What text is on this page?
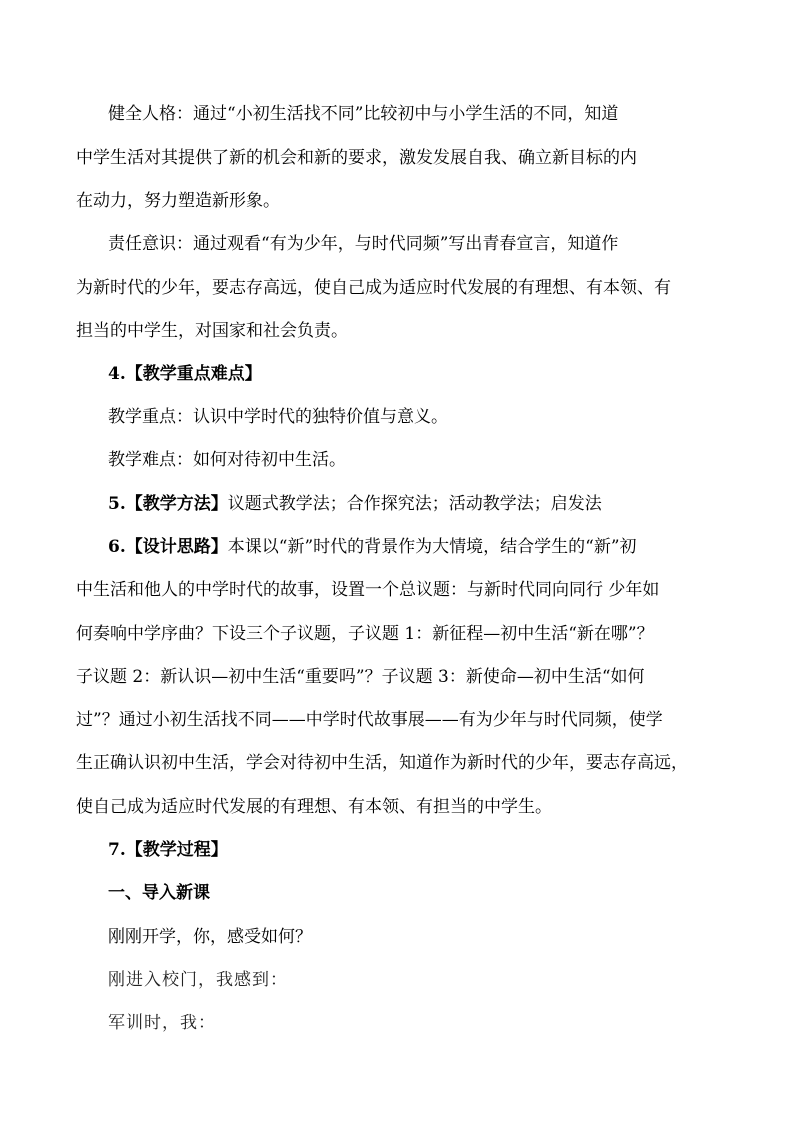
健全人格：通过“小初生活找不同”比较初中与小学生活的不同，知道

中学生活对其提供了新的机会和新的要求，激发发展自我、确立新目标的内

在动力，努力塑造新形象。

责任意识：通过观看“有为少年，与时代同频”写出青春宣言，知道作

为新时代的少年，要志存高远，使自己成为适应时代发展的有理想、有本领、有

担当的中学生，对国家和社会负责。

4.【教学重点难点】

教学重点：认识中学时代的独特价值与意义。

教学难点：如何对待初中生活。

5.【教学方法】议题式教学法；合作探究法；活动教学法；启发法

6.【设计思路】本课以“新”时代的背景作为大情境，结合学生的“新”初

中生活和他人的中学时代的故事，设置一个总议题：与新时代同向同行 少年如

何奏响中学序曲？下设三个子议题，子议题 1：新征程—初中生活“新在哪”？

子议题 2：新认识—初中生活“重要吗”？子议题 3：新使命—初中生活“如何

过”？通过小初生活找不同——中学时代故事展——有为少年与时代同频，使学

生正确认识初中生活，学会对待初中生活，知道作为新时代的少年，要志存高远，

使自己成为适应时代发展的有理想、有本领、有担当的中学生。

7.【教学过程】

一、导入新课

刚刚开学，你，感受如何？

刚进入校门，我感到：

军训时，我：
